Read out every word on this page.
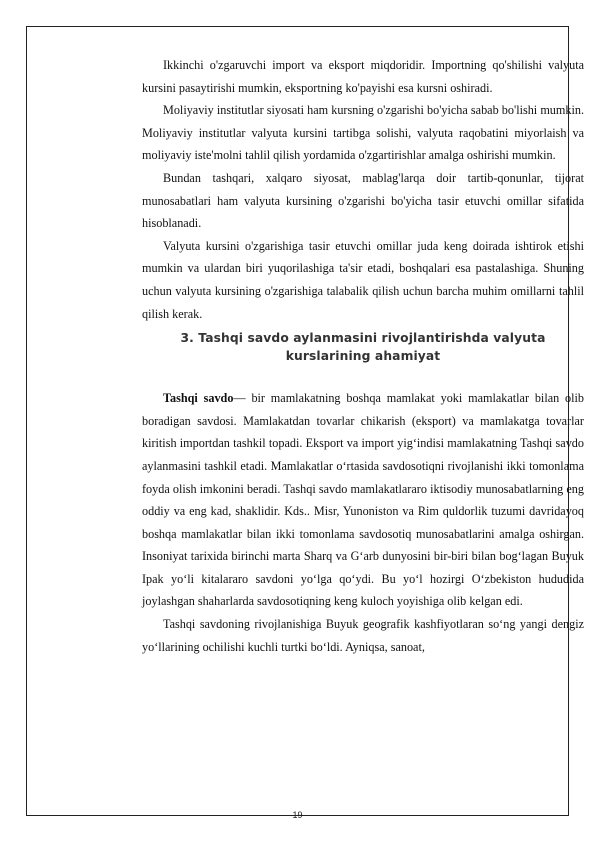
Ikkinchi o'zgaruvchi import va eksport miqdoridir. Importning qo'shilishi valyuta kursini pasaytirishi mumkin, eksportning ko'payishi esa kursni oshiradi.

Moliyaviy institutlar siyosati ham kursning o'zgarishi bo'yicha sabab bo'lishi mumkin. Moliyaviy institutlar valyuta kursini tartibga solishi, valyuta raqobatini miyorlaish va moliyaviy iste'molni tahlil qilish yordamida o'zgartirishlar amalga oshirishi mumkin.

Bundan tashqari, xalqaro siyosat, mablag'larqa doir tartib-qonunlar, tijorat munosabatlari ham valyuta kursining o'zgarishi bo'yicha tasir etuvchi omillar sifatida hisoblanadi.

Valyuta kursini o'zgarishiga tasir etuvchi omillar juda keng doirada ishtirok etishi mumkin va ulardan biri yuqorilashiga ta'sir etadi, boshqalari esa pastalashiga. Shuning uchun valyuta kursining o'zgarishiga talabalik qilish uchun barcha muhim omillarni tahlil qilish kerak.

3. Tashqi savdo aylanmasini rivojlantirishda valyuta kurslarining ahamiyat

Tashqi savdo— bir mamlakatning boshqa mamlakat yoki mamlakatlar bilan olib boradigan savdosi. Mamlakatdan tovarlar chikarish (eksport) va mamlakatga tovarlar kiritish importdan tashkil topadi. Eksport va import yig‘indisi mamlakatning Tashqi savdo aylanmasini tashkil etadi. Mamlakatlar o‘rtasida savdosotiqni rivojlanishi ikki tomonlama foyda olish imkonini beradi. Tashqi savdo mamlakatlararo iktisodiy munosabatlarning eng oddiy va eng kad, shaklidir. Kds.. Misr, Yunoniston va Rim quldorlik tuzumi davridayoq boshqa mamlakatlar bilan ikki tomonlama savdosotiq munosabatlarini amalga oshirgan. Insoniyat tarixida birinchi marta Sharq va G‘arb dunyosini bir-biri bilan bog‘lagan Buyuk Ipak yo‘li kitalararo savdoni yo‘lga qo‘ydi. Bu yo‘l hozirgi O‘zbekiston hududida joylashgan shaharlarda savdosotiqning keng kuloch yoyishiga olib kelgan edi.

Tashqi savdoning rivojlanishiga Buyuk geografik kashfiyotlaran so‘ng yangi dengiz yo‘llarining ochilishi kuchli turtki bo‘ldi. Ayniqsa, sanoat,

19
